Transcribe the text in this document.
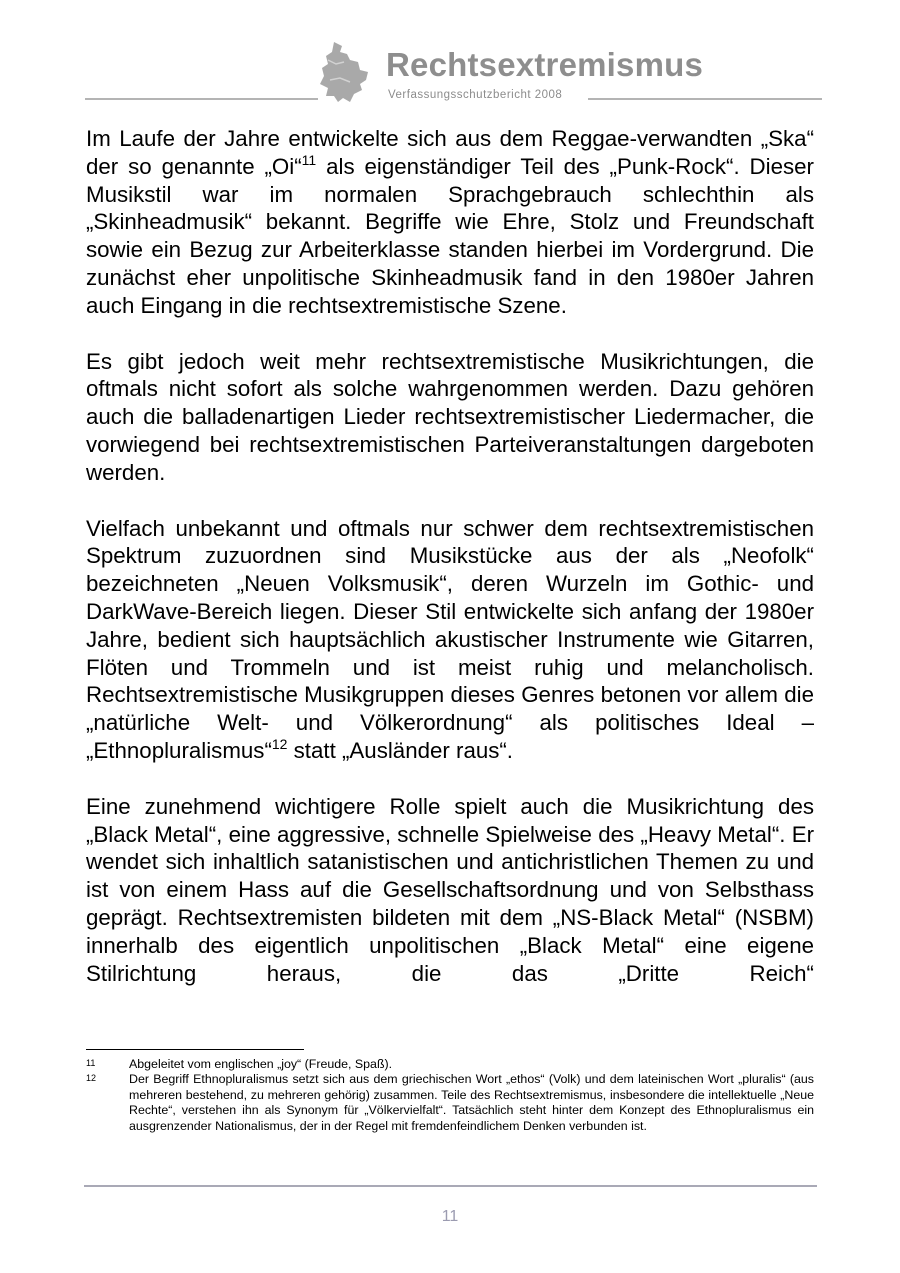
Rechtsextremismus
Verfassungsschutzbericht 2008

Im Laufe der Jahre entwickelte sich aus dem Reggae-verwandten „Ska“ der so genannte „Oi“$^{11}$ als eigenständiger Teil des „Punk-Rock“. Dieser Musikstil war im normalen Sprachgebrauch schlechthin als „Skinheadmusik“ bekannt. Begriffe wie Ehre, Stolz und Freundschaft sowie ein Bezug zur Arbeiterklasse standen hierbei im Vordergrund. Die zunächst eher unpolitische Skinheadmusik fand in den 1980er Jahren auch Eingang in die rechtsextremistische Szene.

Es gibt jedoch weit mehr rechtsextremistische Musikrichtungen, die oftmals nicht sofort als solche wahrgenommen werden. Dazu gehören auch die balladenartigen Lieder rechtsextremistischer Liedermacher, die vorwiegend bei rechtsextremistischen Parteiveranstaltungen dargeboten werden.

Vielfach unbekannt und oftmals nur schwer dem rechtsextremistischen Spektrum zuzuordnen sind Musikstücke aus der als „Neofolk“ bezeichneten „Neuen Volksmusik“, deren Wurzeln im Gothic- und DarkWave-Bereich liegen. Dieser Stil entwickelte sich anfang der 1980er Jahre, bedient sich hauptsächlich akustischer Instrumente wie Gitarren, Flöten und Trommeln und ist meist ruhig und melancholisch. Rechtsextremistische Musikgruppen dieses Genres betonen vor allem die „natürliche Welt- und Völkerordnung“ als politisches Ideal – „Ethnopluralismus“$^{12}$ statt „Ausländer raus“.

Eine zunehmend wichtigere Rolle spielt auch die Musikrichtung des „Black Metal“, eine aggressive, schnelle Spielweise des „Heavy Metal“. Er wendet sich inhaltlich satanistischen und antichristlichen Themen zu und ist von einem Hass auf die Gesellschaftsordnung und von Selbsthass geprägt. Rechtsextremisten bildeten mit dem „NS-Black Metal“ (NSBM) innerhalb des eigentlich unpolitischen „Black Metal“ eine eigene Stilrichtung heraus, die das „Dritte Reich“

11	Abgeleitet vom englischen „joy“ (Freude, Spaß).
12	Der Begriff Ethnopluralismus setzt sich aus dem griechischen Wort „ethos“ (Volk) und dem lateinischen Wort „pluralis“ (aus mehreren bestehend, zu mehreren gehörig) zusammen. Teile des Rechtsextremismus, insbesondere die intellektuelle „Neue Rechte“, verstehen ihn als Synonym für „Völkervielfalt“. Tatsächlich steht hinter dem Konzept des Ethnopluralismus ein ausgrenzender Nationalismus, der in der Regel mit fremdenfeindlichem Denken verbunden ist.
11
